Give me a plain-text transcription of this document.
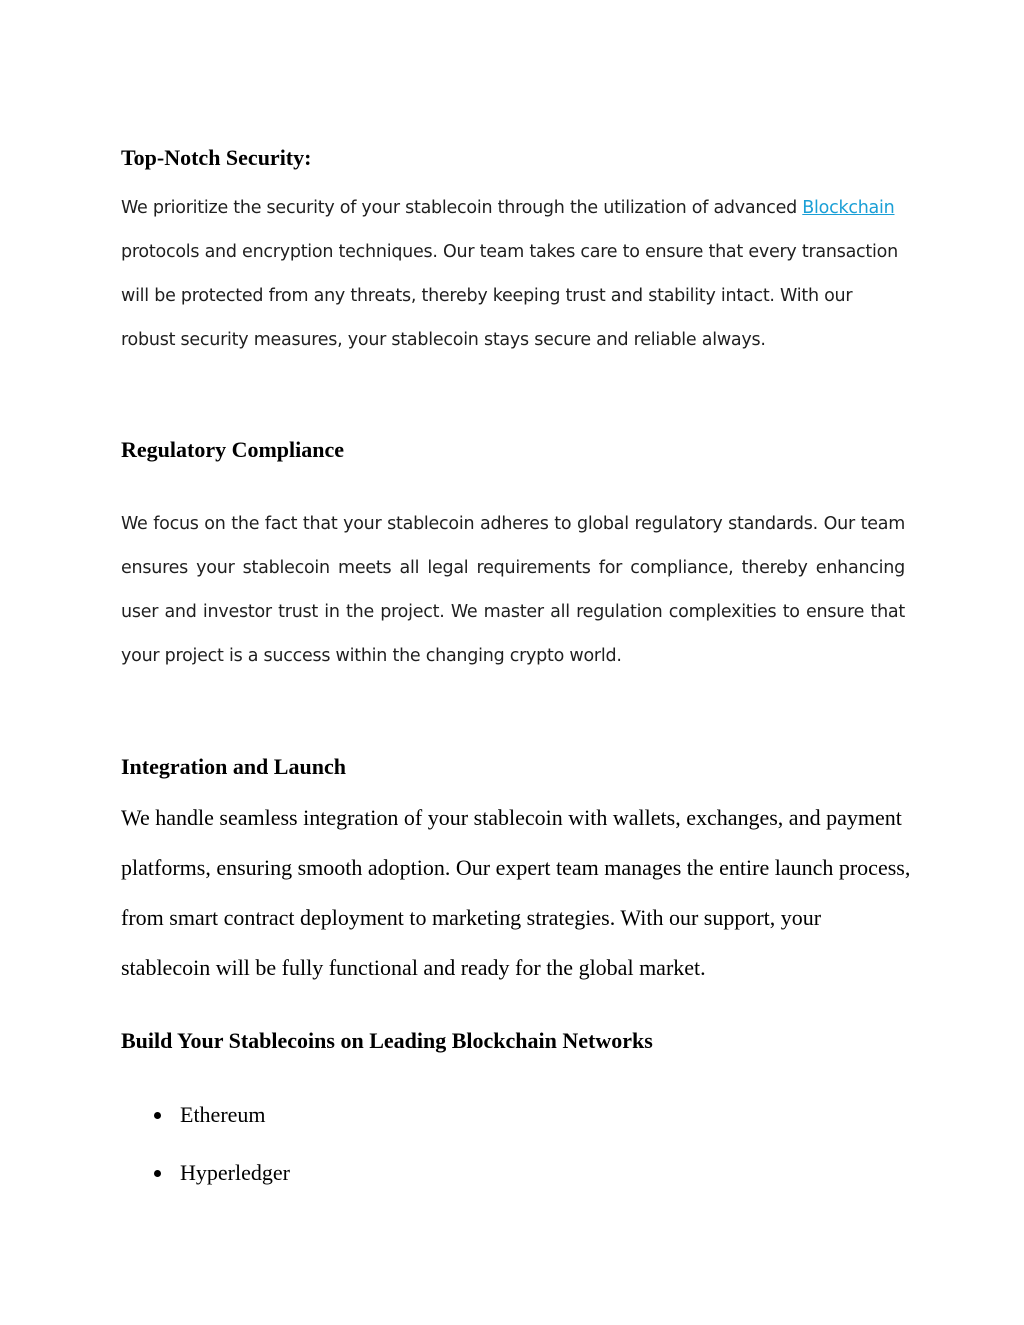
Top-Notch Security:

We prioritize the security of your stablecoin through the utilization of advanced Blockchain protocols and encryption techniques. Our team takes care to ensure that every transaction will be protected from any threats, thereby keeping trust and stability intact. With our robust security measures, your stablecoin stays secure and reliable always.

Regulatory Compliance

We focus on the fact that your stablecoin adheres to global regulatory standards. Our team ensures your stablecoin meets all legal requirements for compliance, thereby enhancing user and investor trust in the project. We master all regulation complexities to ensure that your project is a success within the changing crypto world.

Integration and Launch

We handle seamless integration of your stablecoin with wallets, exchanges, and payment platforms, ensuring smooth adoption. Our expert team manages the entire launch process, from smart contract deployment to marketing strategies. With our support, your stablecoin will be fully functional and ready for the global market.

Build Your Stablecoins on Leading Blockchain Networks
Ethereum
Hyperledger
